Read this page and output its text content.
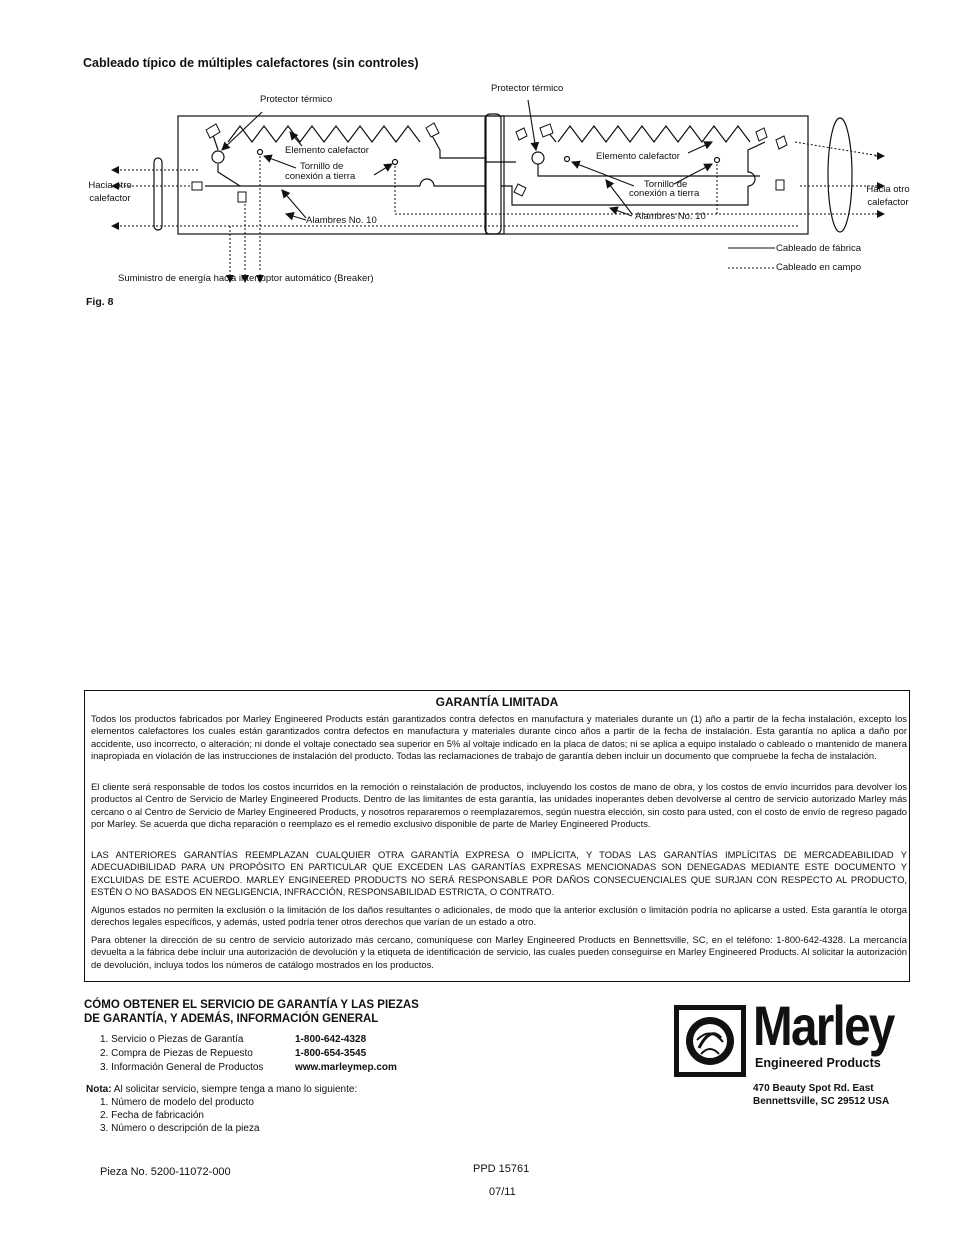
Cableado típico de múltiples calefactores (sin controles)
Protector térmico
Protector térmico
Elemento calefactor
Elemento calefactor
Tornillo de
conexión a tierra
Tornillo de
conexión a tierra
Alambres No. 10	Alambres No. 10
Hacia otro
calefactor
Hacia otro
calefactor
Suministro de energía hacia interruptor automático (Breaker)
Cableado de fábrica
Cableado en campo
Fig. 8
GARANTÍA LIMITADA

Todos los productos fabricados por Marley Engineered Products están garantizados contra defectos en manufactura y materiales durante un (1) año a partir de la fecha instalación, excepto los elementos calefactores los cuales están garantizados contra defectos en manufactura y materiales durante cinco años a partir de la fecha de instalación. Esta garantía no aplica a daño por accidente, uso incorrecto, o alteración; ni donde el voltaje conectado sea superior en 5% al voltaje indicado en la placa de datos; ni se aplica a equipo instalado o cableado o mantenido de manera inapropiada en violación de las instrucciones de instalación del producto. Todas las reclamaciones de trabajo de garantía deben incluir un documento que compruebe la fecha de instalación.

El cliente será responsable de todos los costos incurridos en la remoción o reinstalación de productos, incluyendo los costos de mano de obra, y los costos de envío incurridos para devolver los productos al Centro de Servicio de Marley Engineered Products. Dentro de las limitantes de esta garantía, las unidades inoperantes deben devolverse al centro de servicio autorizado Marley más cercano o al Centro de Servicio de Marley Engineered Products, y nosotros repararemos o reemplazaremos, según nuestra elección, sin costo para usted, con el costo de envío de regreso pagado por Marley. Se acuerda que dicha reparación o reemplazo es el remedio exclusivo disponible de parte de Marley Engineered Products.

LAS ANTERIORES GARANTÍAS REEMPLAZAN CUALQUIER OTRA GARANTÍA EXPRESA O IMPLÍCITA, Y TODAS LAS GARANTÍAS IMPLÍCITAS DE MERCADEABILIDAD Y ADECUADIBILIDAD PARA UN PROPÓSITO EN PARTICULAR QUE EXCEDEN LAS GARANTÍAS EXPRESAS MENCIONADAS SON DENEGADAS MEDIANTE ESTE DOCUMENTO Y EXCLUIDAS DE ESTE ACUERDO. MARLEY ENGINEERED PRODUCTS NO SERÁ RESPONSABLE POR DAÑOS CONSECUENCIALES QUE SURJAN CON RESPECTO AL PRODUCTO, ESTÉN O NO BASADOS EN NEGLIGENCIA, INFRACCIÓN, RESPONSABILIDAD ESTRICTA, O CONTRATO.

Algunos estados no permiten la exclusión o la limitación de los daños resultantes o adicionales, de modo que la anterior exclusión o limitación podría no aplicarse a usted. Esta garantía le otorga derechos legales específicos, y además, usted podría tener otros derechos que varían de un estado a otro.

Para obtener la dirección de su centro de servicio autorizado más cercano, comuníquese con Marley Engineered Products en Bennettsville, SC, en el teléfono: 1-800-642-4328. La mercancía devuelta a la fábrica debe incluir una autorización de devolución y la etiqueta de identificación de servicio, las cuales pueden conseguirse en Marley Engineered Products. Al solicitar la autorización de devolución, incluya todos los números de catálogo mostrados en los productos.

CÓMO OBTENER EL SERVICIO DE GARANTÍA Y LAS PIEZAS
DE GARANTÍA, Y ADEMÁS, INFORMACIÓN GENERAL
1. Servicio o Piezas de Garantía	1-800-642-4328
2. Compra de Piezas de Repuesto	1-800-654-3545
3. Información General de Productos	www.marleymep.com
Nota: Al solicitar servicio, siempre tenga a mano lo siguiente:
1. Número de modelo del producto
2. Fecha de fabricación
3. Número o descripción de la pieza
Marley
Engineered Products
470 Beauty Spot Rd. East
Bennettsville, SC 29512 USA
Pieza No. 5200-11072-000	PPD 15761
07/11
